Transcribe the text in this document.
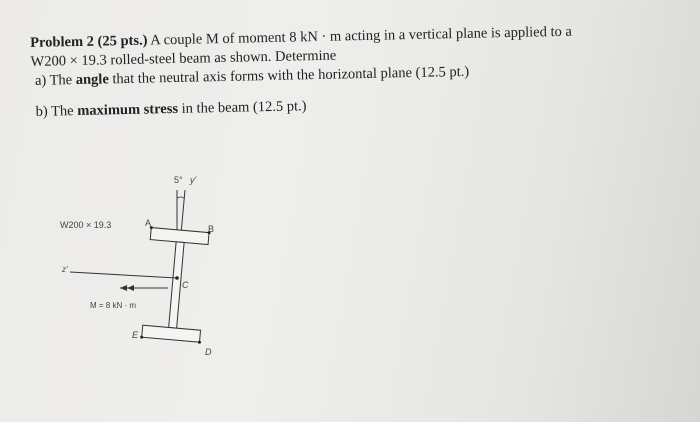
Problem 2 (25 pts.) A couple M of moment 8 kN · m acting in a vertical plane is applied to a
W200 × 19.3 rolled-steel beam as shown. Determine
a) The angle that the neutral axis forms with the horizontal plane (12.5 pt.)
b) The maximum stress in the beam (12.5 pt.)
5° y'
z'
W200 × 19.3	A
B
C
E
D
M = 8 kN · m
